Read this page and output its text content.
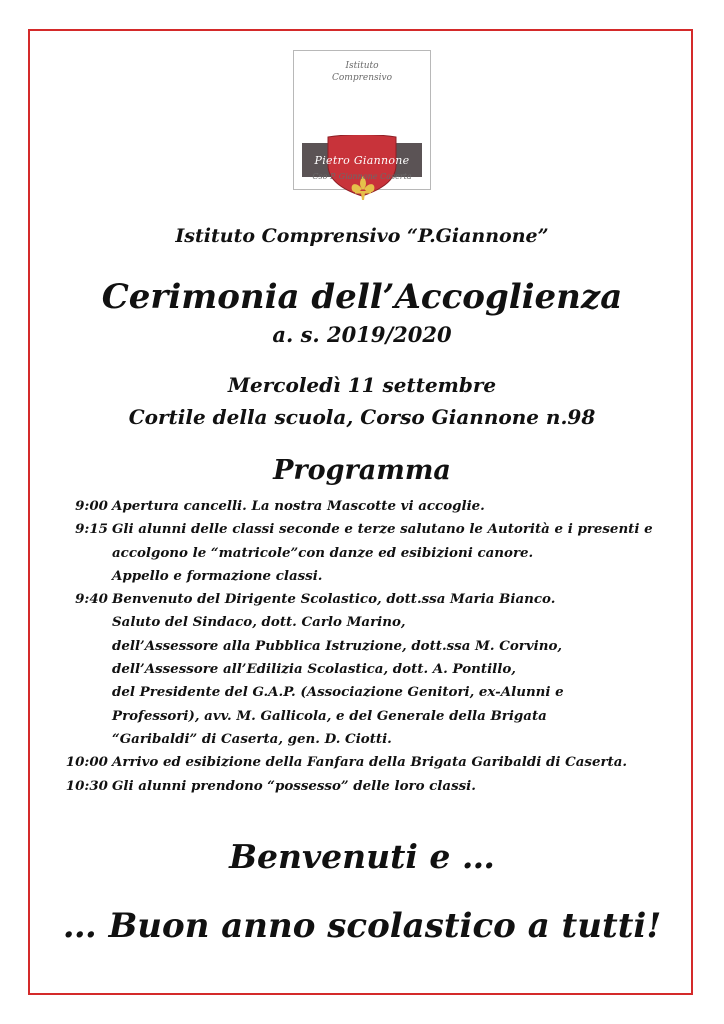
Istituto
Comprensivo
Pietro Giannone
Cso P. Giannone Caserta

Istituto Comprensivo “P.Giannone”

Cerimonia dell’Accoglienza

a. s. 2019/2020

Mercoledì 11 settembre

Cortile della scuola, Corso Giannone n.98

Programma

9:00 Apertura cancelli. La nostra Mascotte vi accoglie.
9:15 Gli alunni delle classi seconde e terze salutano le Autorità e i presenti e
accolgono le “matricole”con danze ed esibizioni canore.
Appello e formazione classi.
9:40 Benvenuto del Dirigente Scolastico, dott.ssa Maria Bianco.
Saluto del Sindaco, dott. Carlo Marino,
dell’Assessore alla Pubblica Istruzione, dott.ssa M. Corvino,
dell’Assessore all’Edilizia Scolastica, dott. A. Pontillo,
del Presidente del G.A.P. (Associazione Genitori, ex-Alunni e
Professori), avv. M. Gallicola, e del Generale della Brigata
“Garibaldi” di Caserta, gen. D. Ciotti.
10:00 Arrivo ed esibizione della Fanfara della Brigata Garibaldi di Caserta.
10:30 Gli alunni prendono “possesso” delle loro classi.

Benvenuti e …

… Buon anno scolastico a tutti!
